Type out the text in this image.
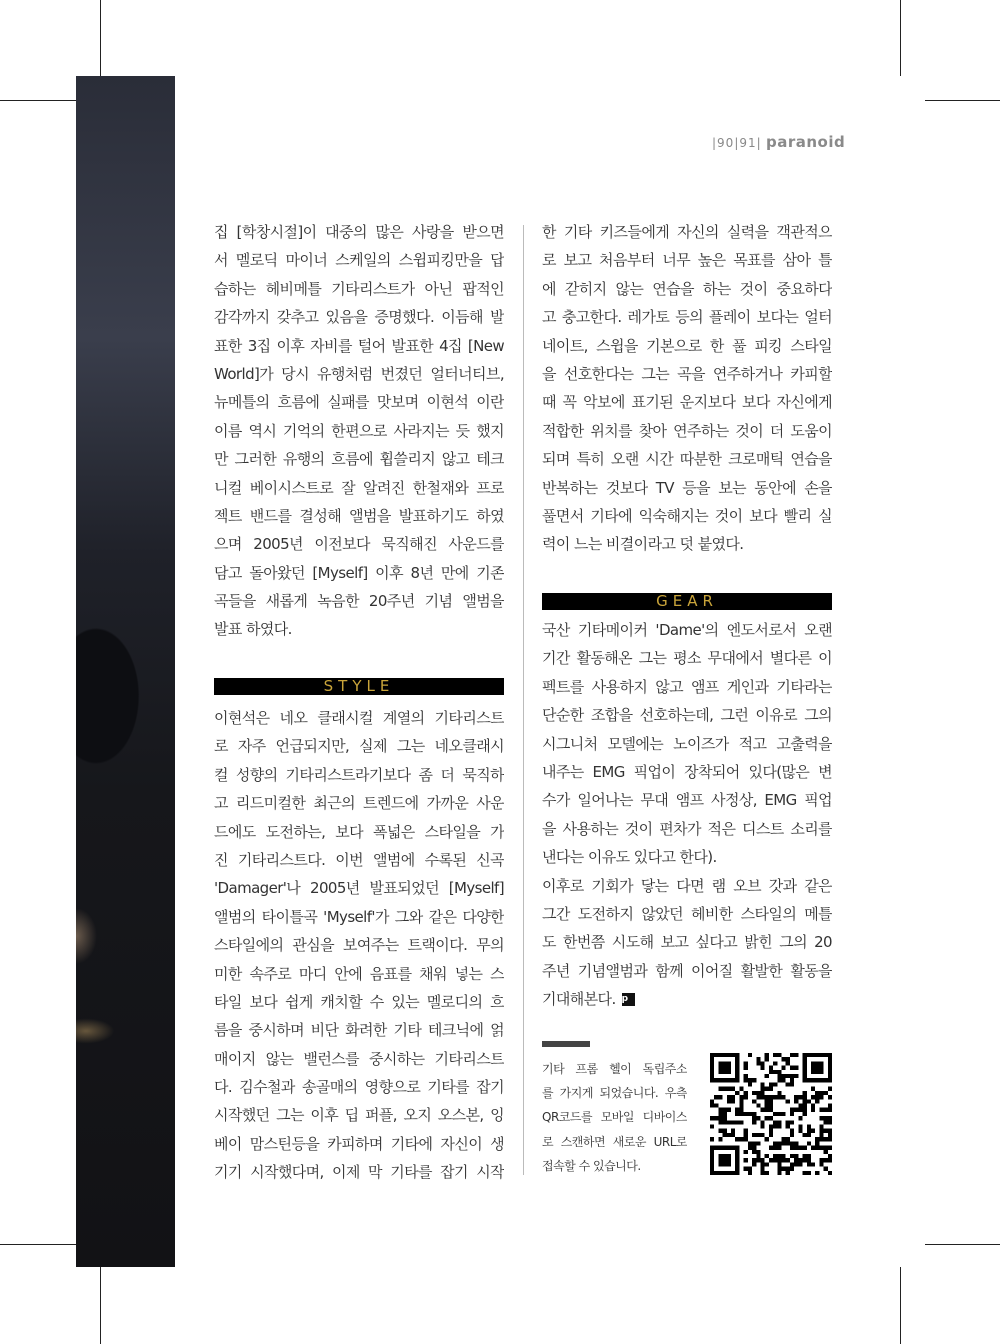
|90|91| paranoid
집 [학창시절]이 대중의 많은 사랑을 받으면
서 멜로딕 마이너 스케일의 스윕피킹만을 답
습하는 헤비메틀 기타리스트가 아닌 팝적인
감각까지 갖추고 있음을 증명했다. 이듬해 발
표한 3집 이후 자비를 털어 발표한 4집 [New
World]가 당시 유행처럼 번졌던 얼터너티브,
뉴메틀의 흐름에 실패를 맛보며 이현석 이란
이름 역시 기억의 한편으로 사라지는 듯 했지
만 그러한 유행의 흐름에 휩쓸리지 않고 테크
니컬 베이시스트로 잘 알려진 한철재와 프로
젝트 밴드를 결성해 앨범을 발표하기도 하였
으며 2005년 이전보다 묵직해진 사운드를
담고 돌아왔던 [Myself] 이후 8년 만에 기존
곡들을 새롭게 녹음한 20주년 기념 앨범을
발표 하였다.
STYLE
이현석은 네오 클래시컬 계열의 기타리스트
로 자주 언급되지만, 실제 그는 네오클래시
컬 성향의 기타리스트라기보다 좀 더 묵직하
고 리드미컬한 최근의 트렌드에 가까운 사운
드에도 도전하는, 보다 폭넓은 스타일을 가
진 기타리스트다. 이번 앨범에 수록된 신곡
'Damager'나 2005년 발표되었던 [Myself]
앨범의 타이틀곡 'Myself'가 그와 같은 다양한
스타일에의 관심을 보여주는 트랙이다. 무의
미한 속주로 마디 안에 음표를 채워 넣는 스
타일 보다 쉽게 캐치할 수 있는 멜로디의 흐
름을 중시하며 비단 화려한 기타 테크닉에 얽
매이지 않는 밸런스를 중시하는 기타리스트
다. 김수철과 송골매의 영향으로 기타를 잡기
시작했던 그는 이후 딥 퍼플, 오지 오스본, 잉
베이 맘스틴등을 카피하며 기타에 자신이 생
기기 시작했다며, 이제 막 기타를 잡기 시작
한 기타 키즈들에게 자신의 실력을 객관적으
로 보고 처음부터 너무 높은 목표를 삼아 틀
에 갇히지 않는 연습을 하는 것이 중요하다
고 충고한다. 레가토 등의 플레이 보다는 얼터
네이트, 스윕을 기본으로 한 풀 피킹 스타일
을 선호한다는 그는 곡을 연주하거나 카피할
때 꼭 악보에 표기된 운지보다 보다 자신에게
적합한 위치를 찾아 연주하는 것이 더 도움이
되며 특히 오랜 시간 따분한 크로매틱 연습을
반복하는 것보다 TV 등을 보는 동안에 손을
풀면서 기타에 익숙해지는 것이 보다 빨리 실
력이 느는 비결이라고 덧 붙였다.
GEAR
국산 기타메이커 'Dame'의 엔도서로서 오랜
기간 활동해온 그는 평소 무대에서 별다른 이
펙트를 사용하지 않고 앰프 게인과 기타라는
단순한 조합을 선호하는데, 그런 이유로 그의
시그니처 모델에는 노이즈가 적고 고출력을
내주는 EMG 픽업이 장착되어 있다(많은 변
수가 일어나는 무대 앰프 사정상, EMG 픽업
을 사용하는 것이 편차가 적은 디스트 소리를
낸다는 이유도 있다고 한다).
이후로 기회가 닿는 다면 램 오브 갓과 같은
그간 도전하지 않았던 헤비한 스타일의 메틀
도 한번쯤 시도해 보고 싶다고 밝힌 그의 20
주년 기념앨범과 함께 이어질 활발한 활동을
기대해본다. p
기타 프롬 헬이 독립주소
를 가지게 되었습니다. 우측
QR코드를 모바일 디바이스
로 스캔하면 새로운 URL로
접속할 수 있습니다.
